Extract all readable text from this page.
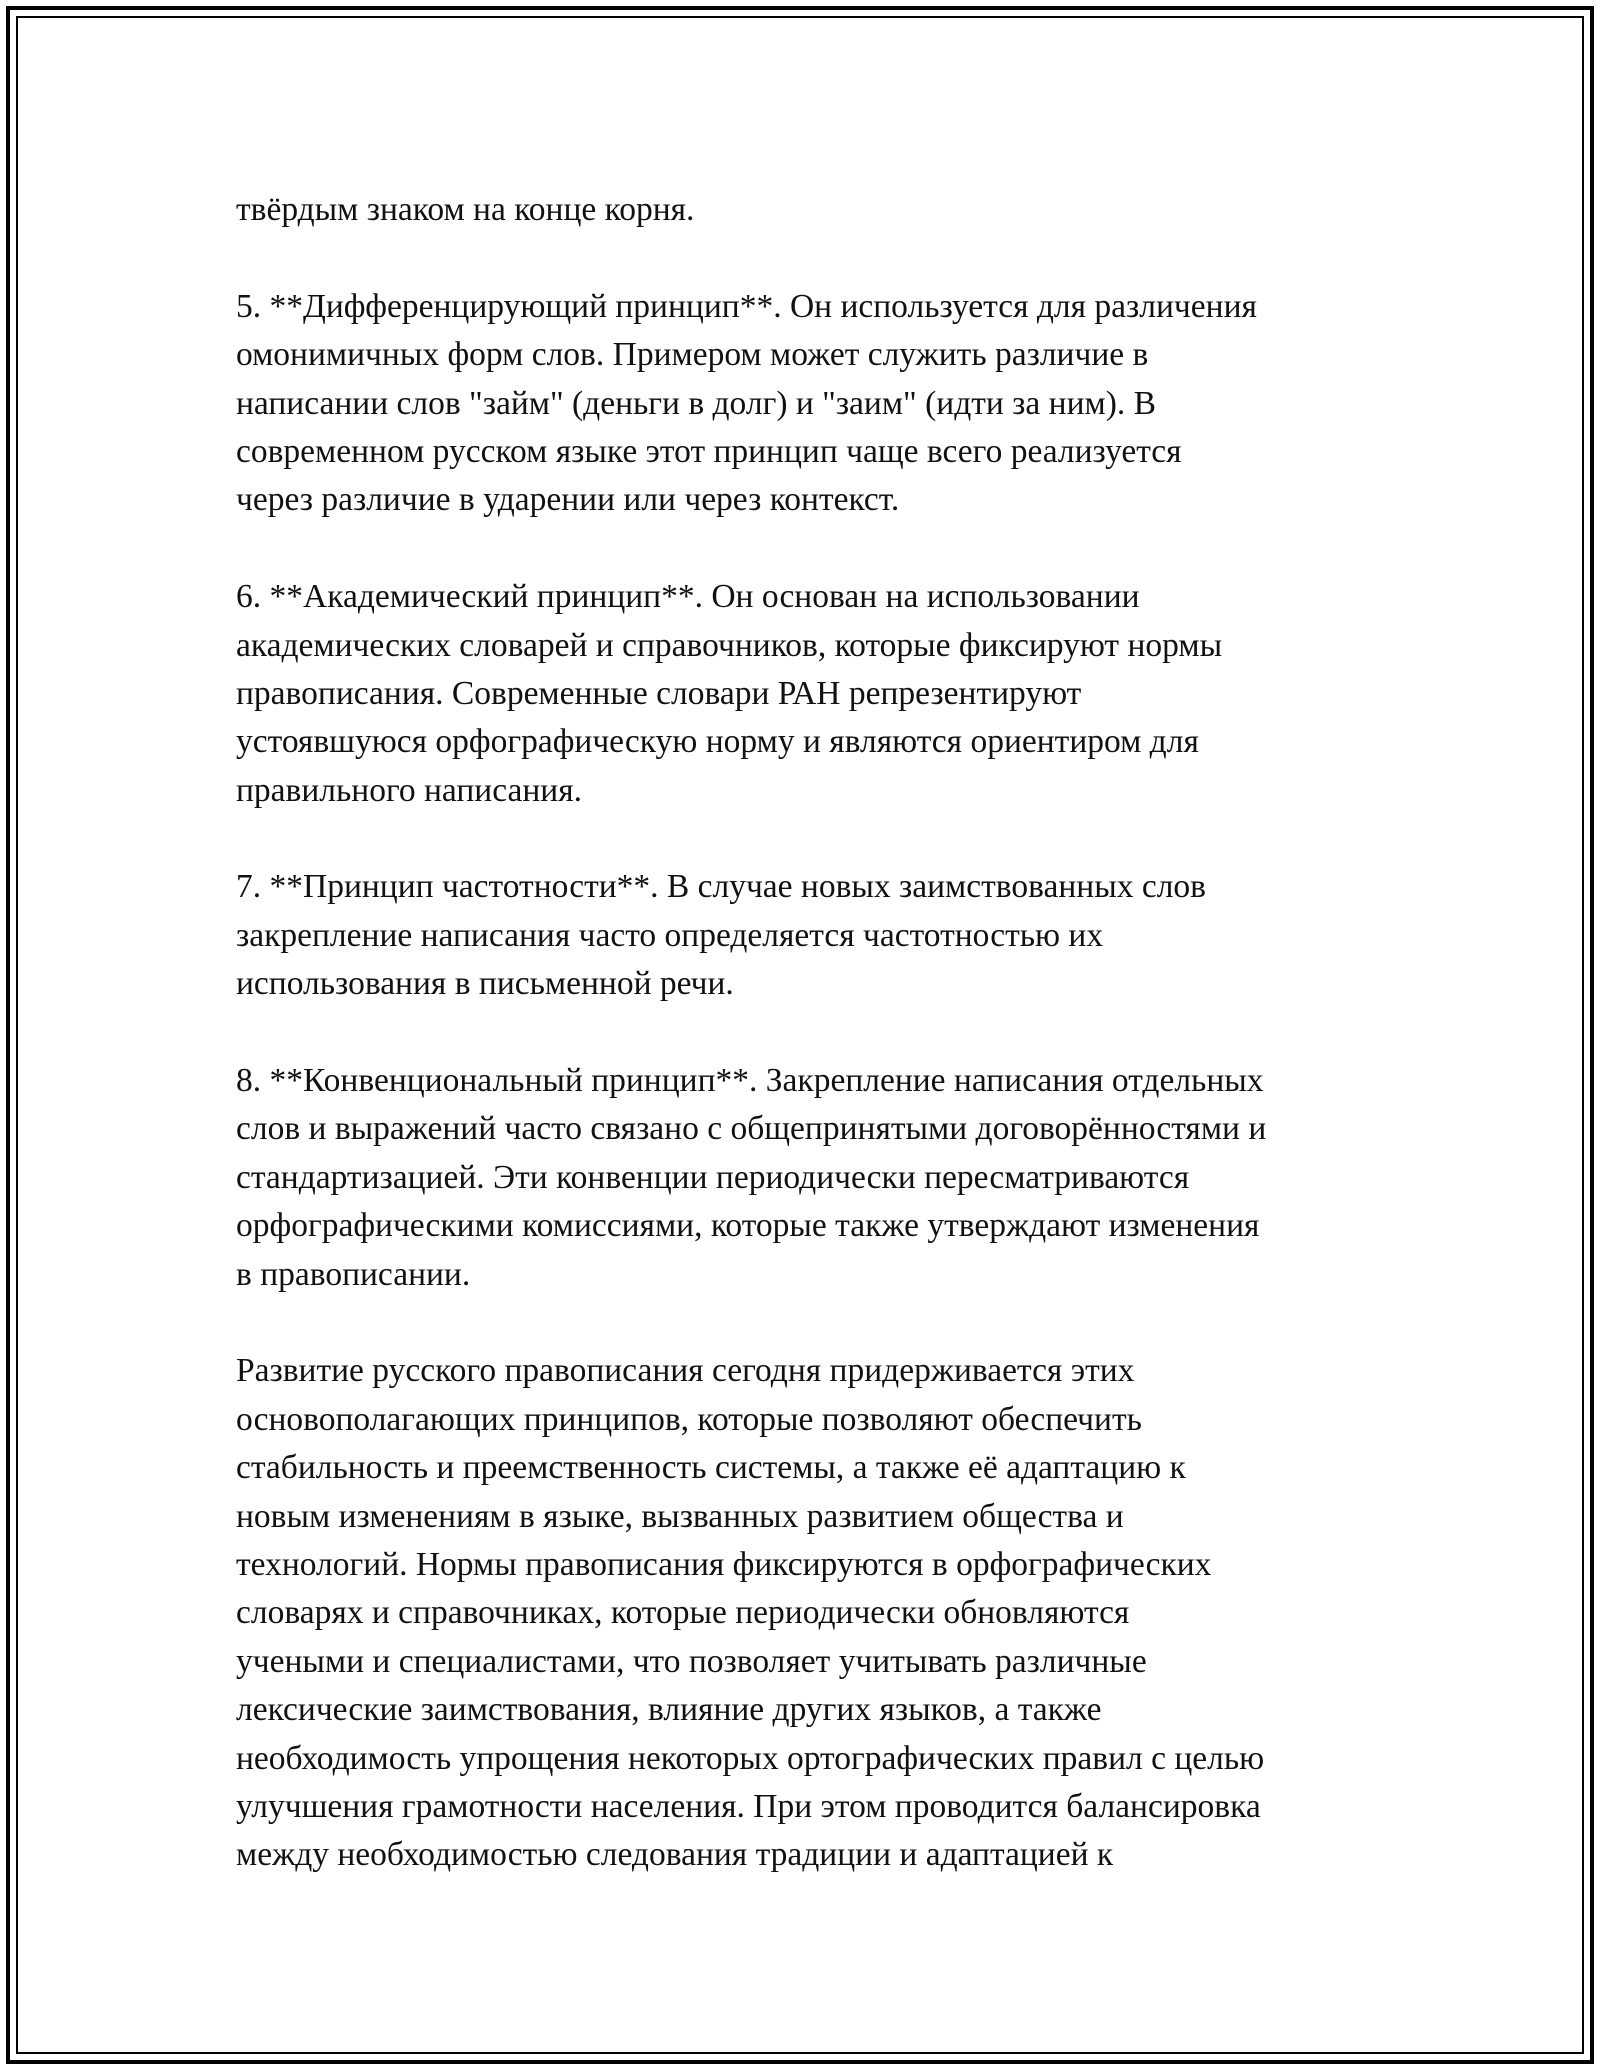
твёрдым знаком на конце корня.
5. **Дифференцирующий принцип**. Он используется для различения
омонимичных форм слов. Примером может служить различие в
написании слов "займ" (деньги в долг) и "заим" (идти за ним). В
современном русском языке этот принцип чаще всего реализуется
через различие в ударении или через контекст.
6. **Академический принцип**. Он основан на использовании
академических словарей и справочников, которые фиксируют нормы
правописания. Современные словари РАН репрезентируют
устоявшуюся орфографическую норму и являются ориентиром для
правильного написания.
7. **Принцип частотности**. В случае новых заимствованных слов
закрепление написания часто определяется частотностью их
использования в письменной речи.
8. **Конвенциональный принцип**. Закрепление написания отдельных
слов и выражений часто связано с общепринятыми договорённостями и
стандартизацией. Эти конвенции периодически пересматриваются
орфографическими комиссиями, которые также утверждают изменения
в правописании.
Развитие русского правописания сегодня придерживается этих
основополагающих принципов, которые позволяют обеспечить
стабильность и преемственность системы, а также её адаптацию к
новым изменениям в языке, вызванных развитием общества и
технологий. Нормы правописания фиксируются в орфографических
словарях и справочниках, которые периодически обновляются
учеными и специалистами, что позволяет учитывать различные
лексические заимствования, влияние других языков, а также
необходимость упрощения некоторых ортографических правил с целью
улучшения грамотности населения. При этом проводится балансировка
между необходимостью следования традиции и адаптацией к
